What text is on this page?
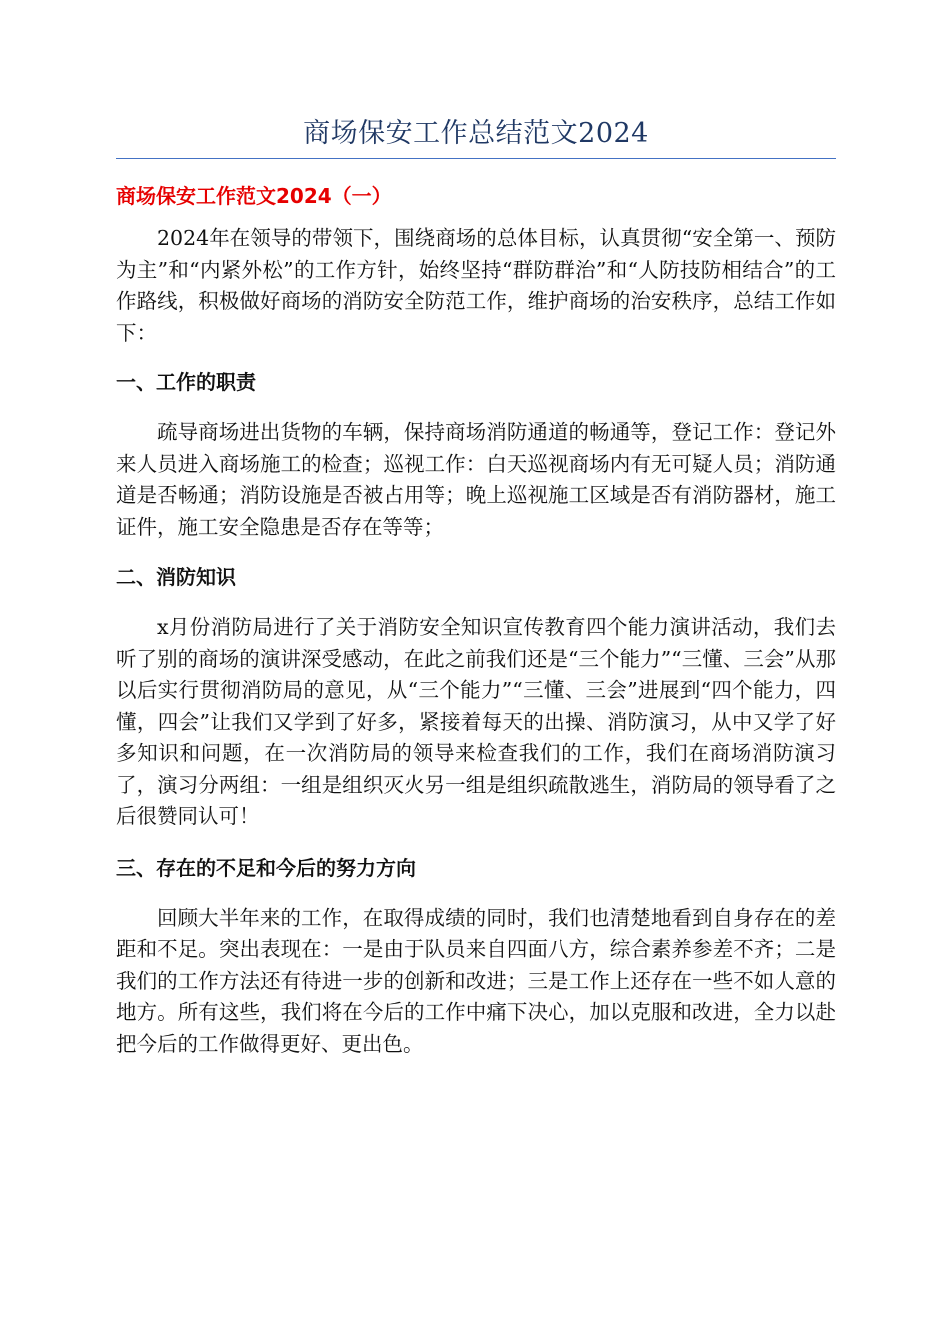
商场保安工作总结范文2024
商场保安工作范文2024（一）

2024年在领导的带领下，围绕商场的总体目标，认真贯彻“安全第一、预防为主”和“内紧外松”的工作方针，始终坚持“群防群治”和“人防技防相结合”的工作路线，积极做好商场的消防安全防范工作，维护商场的治安秩序，总结工作如下：

一、工作的职责

疏导商场进出货物的车辆，保持商场消防通道的畅通等，登记工作：登记外来人员进入商场施工的检查；巡视工作：白天巡视商场内有无可疑人员；消防通道是否畅通；消防设施是否被占用等；晚上巡视施工区域是否有消防器材，施工证件，施工安全隐患是否存在等等；

二、消防知识

x月份消防局进行了关于消防安全知识宣传教育四个能力演讲活动，我们去听了别的商场的演讲深受感动，在此之前我们还是“三个能力”“三懂、三会”从那以后实行贯彻消防局的意见，从“三个能力”“三懂、三会”进展到“四个能力，四懂，四会”让我们又学到了好多，紧接着每天的出操、消防演习，从中又学了好多知识和问题，在一次消防局的领导来检查我们的工作，我们在商场消防演习了，演习分两组：一组是组织灭火另一组是组织疏散逃生，消防局的领导看了之后很赞同认可！

三、存在的不足和今后的努力方向

回顾大半年来的工作，在取得成绩的同时，我们也清楚地看到自身存在的差距和不足。突出表现在：一是由于队员来自四面八方，综合素养参差不齐；二是我们的工作方法还有待进一步的创新和改进；三是工作上还存在一些不如人意的地方。所有这些，我们将在今后的工作中痛下决心，加以克服和改进，全力以赴把今后的工作做得更好、更出色。
